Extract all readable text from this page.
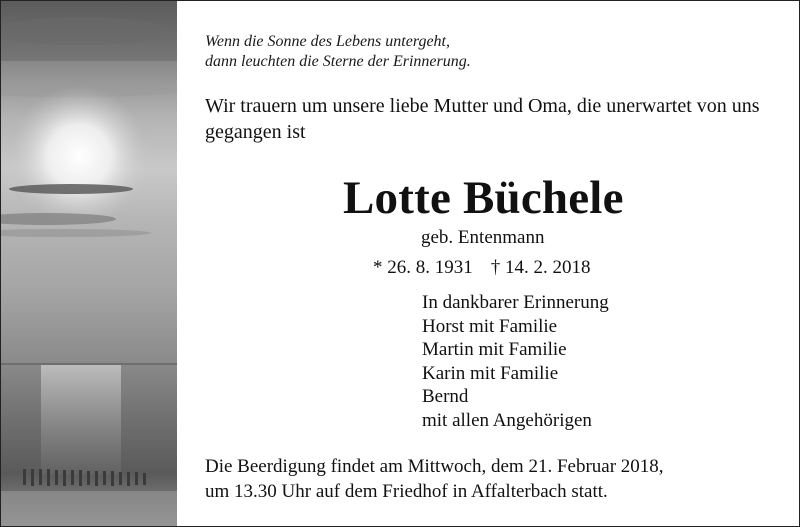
Wenn die Sonne des Lebens untergeht,
dann leuchten die Sterne der Erinnerung.
Wir trauern um unsere liebe Mutter und Oma, die unerwartet von uns gegangen ist
Lotte Büchele
geb. Entenmann
* 26. 8. 1931 † 14. 2. 2018
In dankbarer Erinnerung
Horst mit Familie
Martin mit Familie
Karin mit Familie
Bernd
mit allen Angehörigen
Die Beerdigung findet am Mittwoch, dem 21. Februar 2018,
um 13.30 Uhr auf dem Friedhof in Affalterbach statt.
